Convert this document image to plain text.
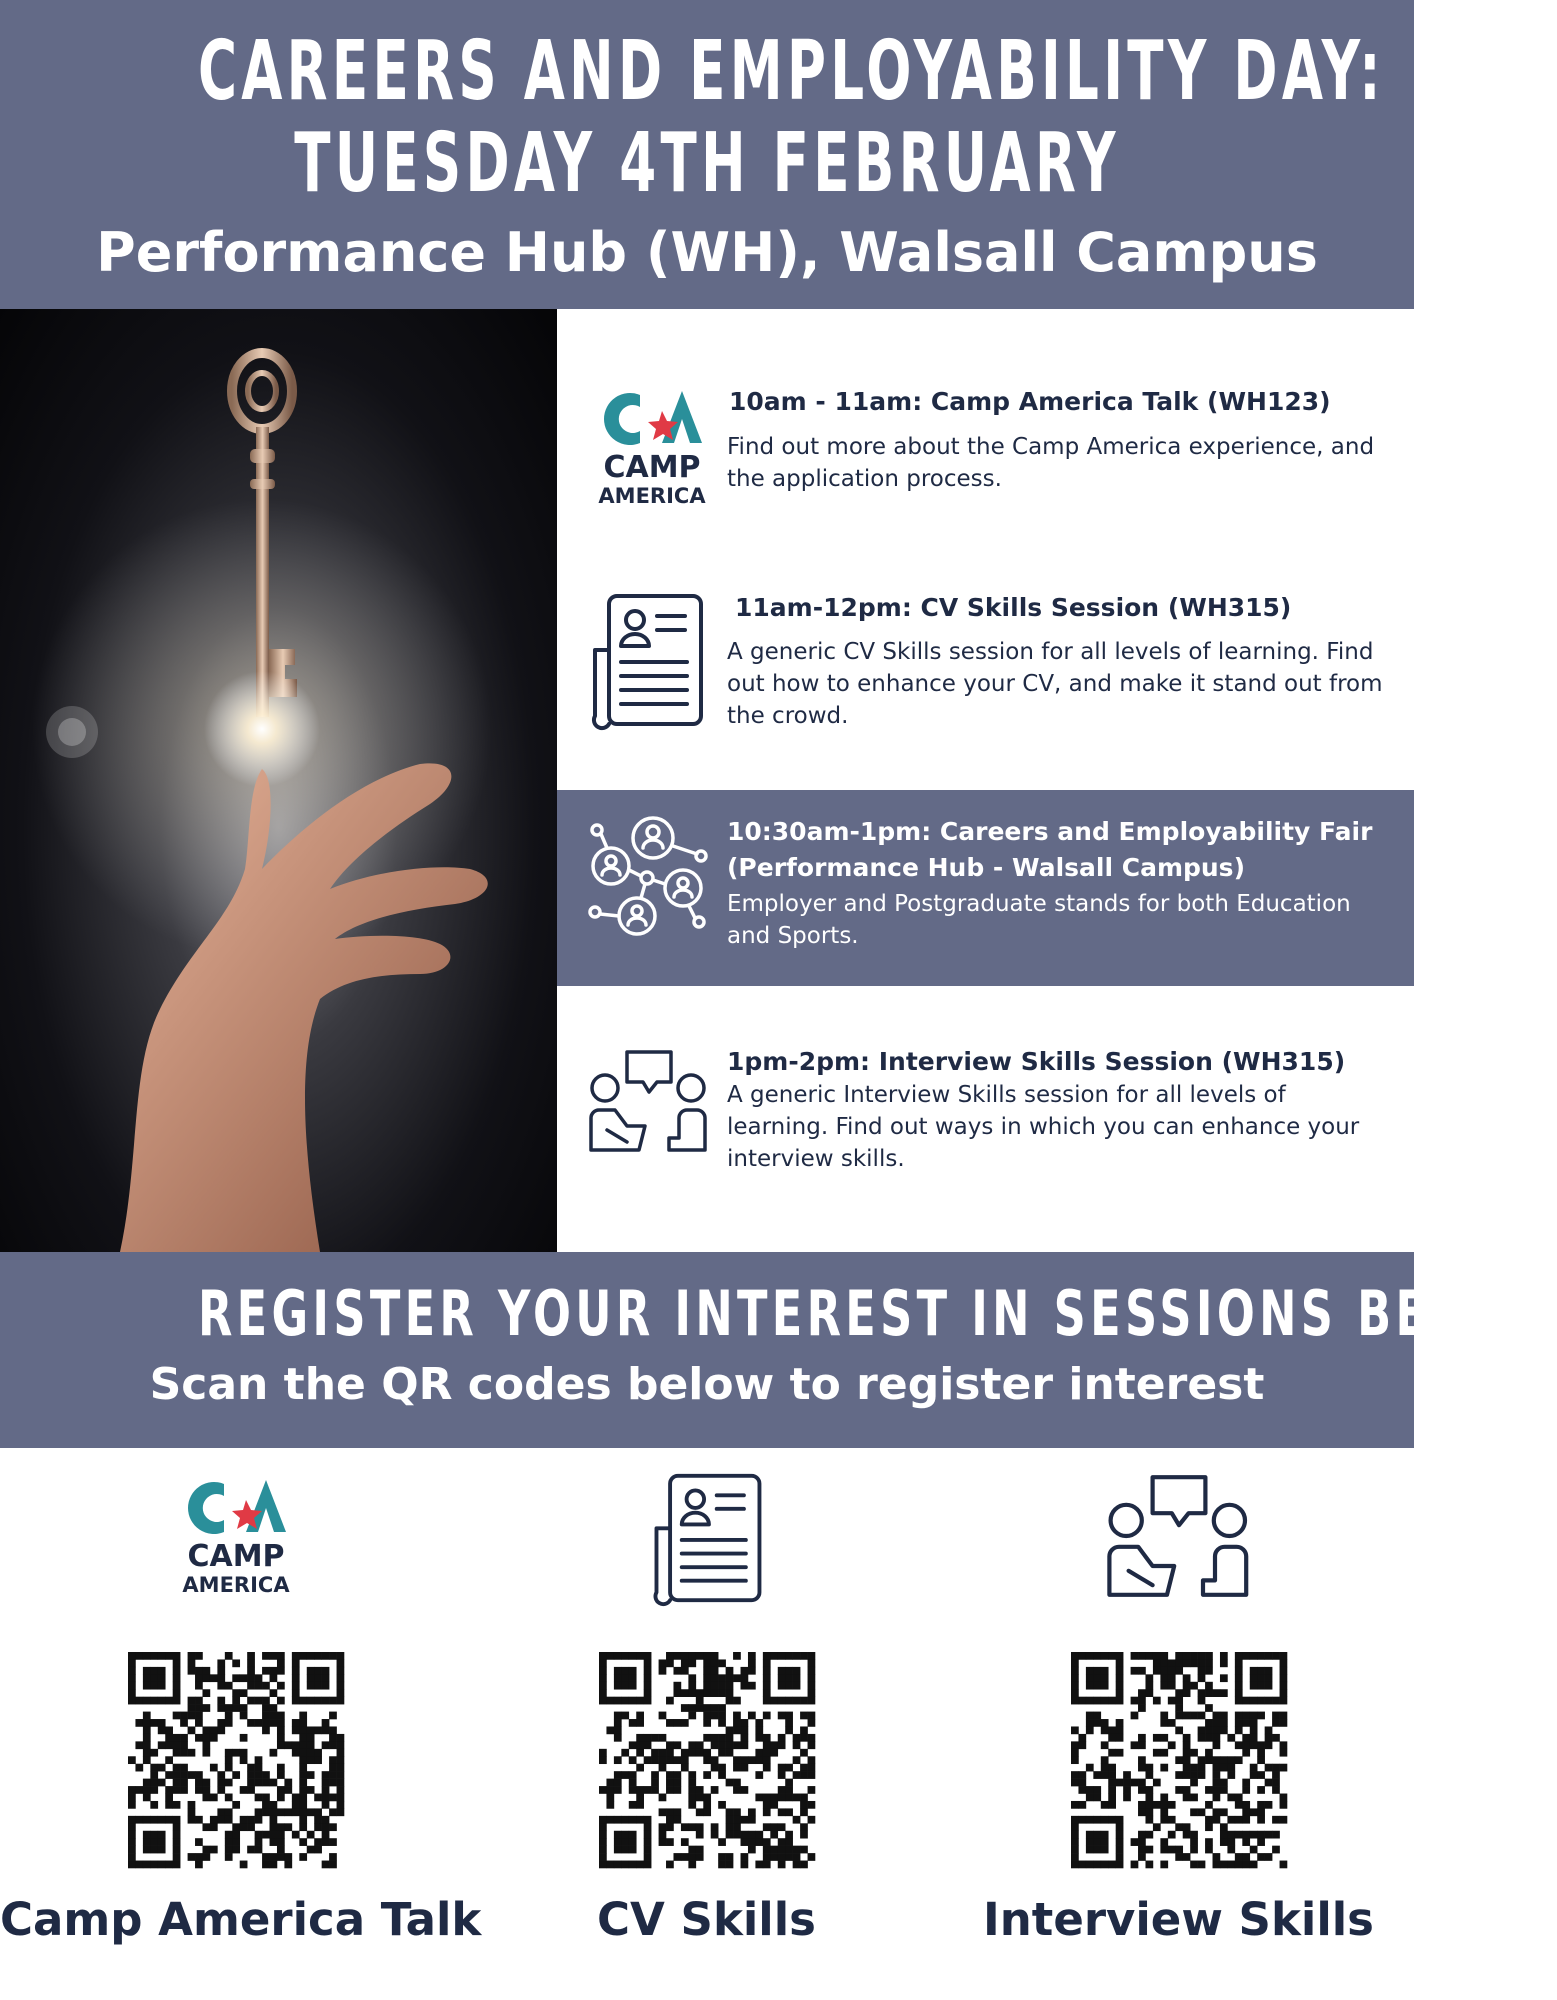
CAREERS AND EMPLOYABILITY DAY:
TUESDAY 4TH FEBRUARY
Performance Hub (WH), Walsall Campus
CAMP
AMERICA
10am - 11am: Camp America Talk (WH123)
Find out more about the Camp America experience, and the application process.
11am-12pm: CV Skills Session (WH315)
A generic CV Skills session for all levels of learning. Find out how to enhance your CV, and make it stand out from the crowd.
10:30am-1pm: Careers and Employability Fair
(Performance Hub - Walsall Campus)
Employer and Postgraduate stands for both Education and Sports.
1pm-2pm: Interview Skills Session (WH315)
A generic Interview Skills session for all levels of learning. Find out ways in which you can enhance your interview skills.
REGISTER YOUR INTEREST IN SESSIONS BELOW
Scan the QR codes below to register interest
CAMP
AMERICA
Camp America Talk	CV Skills	Interview Skills
